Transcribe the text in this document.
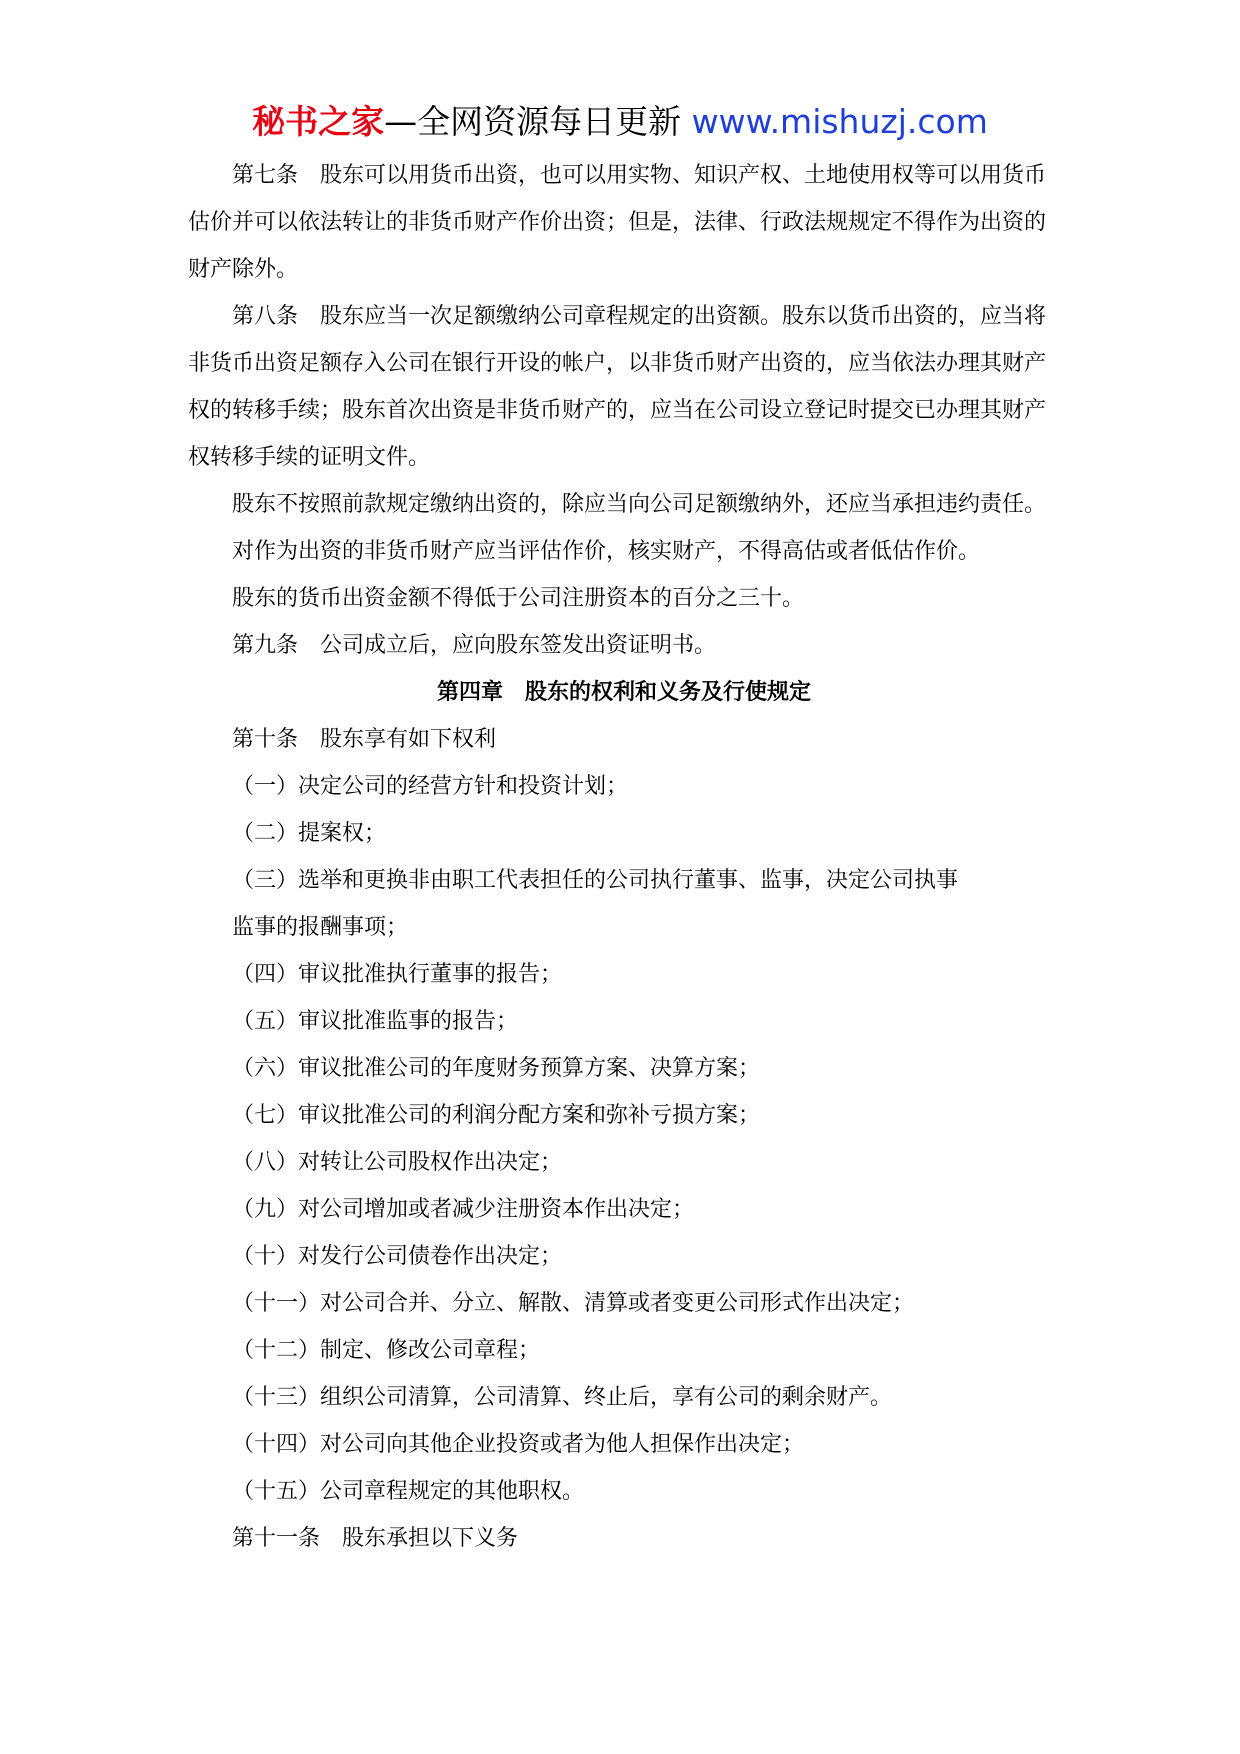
秘书之家—全网资源每日更新 www.mishuzj.com

第七条　股东可以用货币出资，也可以用实物、知识产权、土地使用权等可以用货币估价并可以依法转让的非货币财产作价出资；但是，法律、行政法规规定不得作为出资的财产除外。

第八条　股东应当一次足额缴纳公司章程规定的出资额。股东以货币出资的，应当将非货币出资足额存入公司在银行开设的帐户，以非货币财产出资的，应当依法办理其财产权的转移手续；股东首次出资是非货币财产的，应当在公司设立登记时提交已办理其财产权转移手续的证明文件。

股东不按照前款规定缴纳出资的，除应当向公司足额缴纳外，还应当承担违约责任。

对作为出资的非货币财产应当评估作价，核实财产，不得高估或者低估作价。

股东的货币出资金额不得低于公司注册资本的百分之三十。

第九条　公司成立后，应向股东签发出资证明书。

第四章　股东的权利和义务及行使规定

第十条　股东享有如下权利

（一）决定公司的经营方针和投资计划；

（二）提案权；

（三）选举和更换非由职工代表担任的公司执行董事、监事，决定公司执事

监事的报酬事项；

（四）审议批准执行董事的报告；

（五）审议批准监事的报告；

（六）审议批准公司的年度财务预算方案、决算方案；

（七）审议批准公司的利润分配方案和弥补亏损方案；

（八）对转让公司股权作出决定；

（九）对公司增加或者减少注册资本作出决定；

（十）对发行公司债卷作出决定；

（十一）对公司合并、分立、解散、清算或者变更公司形式作出决定；

（十二）制定、修改公司章程；

（十三）组织公司清算，公司清算、终止后，享有公司的剩余财产。

（十四）对公司向其他企业投资或者为他人担保作出决定；

（十五）公司章程规定的其他职权。

第十一条　股东承担以下义务
